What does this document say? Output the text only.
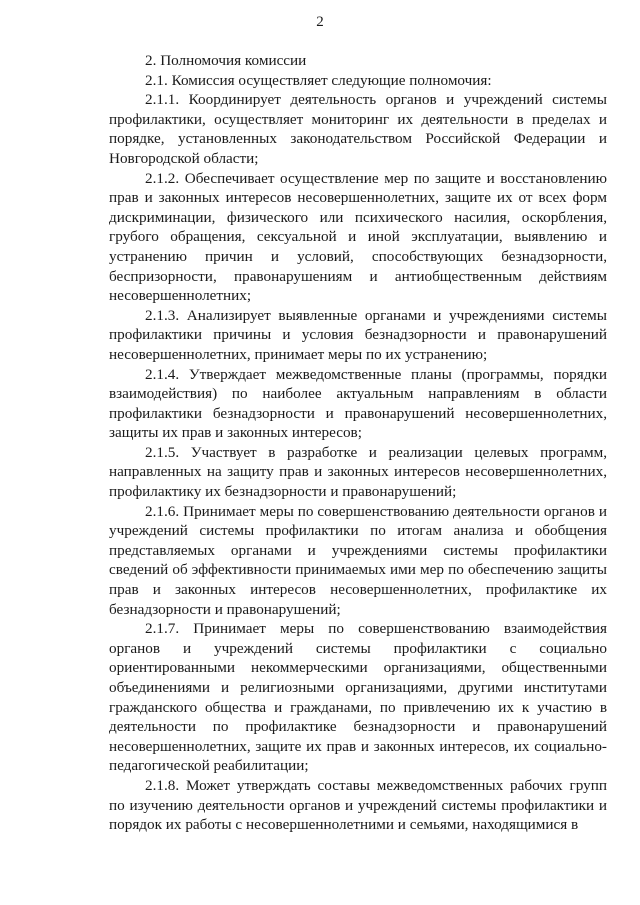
2

2. Полномочия комиссии

2.1. Комиссия осуществляет следующие полномочия:

2.1.1. Координирует деятельность органов и учреждений системы профилактики, осуществляет мониторинг их деятельности в пределах и порядке, установленных законодательством Российской Федерации и Новгородской области;

2.1.2. Обеспечивает осуществление мер по защите и восстановлению прав и законных интересов несовершеннолетних, защите их от всех форм дискриминации, физического или психического насилия, оскорбления, грубого обращения, сексуальной и иной эксплуатации, выявлению и устранению причин и условий, способствующих безнадзорности, беспризорности, правонарушениям и антиобщественным действиям несовершеннолетних;

2.1.3. Анализирует выявленные органами и учреждениями системы профилактики причины и условия безнадзорности и правонарушений несовершеннолетних, принимает меры по их устранению;

2.1.4. Утверждает межведомственные планы (программы, порядки взаимодействия) по наиболее актуальным направлениям в области профилактики безнадзорности и правонарушений несовершеннолетних, защиты их прав и законных интересов;

2.1.5. Участвует в разработке и реализации целевых программ, направленных на защиту прав и законных интересов несовершеннолетних, профилактику их безнадзорности и правонарушений;

2.1.6. Принимает меры по совершенствованию деятельности органов и учреждений системы профилактики по итогам анализа и обобщения представляемых органами и учреждениями системы профилактики сведений об эффективности принимаемых ими мер по обеспечению защиты прав и законных интересов несовершеннолетних, профилактике их безнадзорности и правонарушений;

2.1.7. Принимает меры по совершенствованию взаимодействия органов и учреждений системы профилактики с социально ориентированными некоммерческими организациями, общественными объединениями и религиозными организациями, другими институтами гражданского общества и гражданами, по привлечению их к участию в деятельности по профилактике безнадзорности и правонарушений несовершеннолетних, защите их прав и законных интересов, их социально-педагогической реабилитации;

2.1.8. Может утверждать составы межведомственных рабочих групп по изучению деятельности органов и учреждений системы профилактики и порядок их работы с несовершеннолетними и семьями, находящимися в
